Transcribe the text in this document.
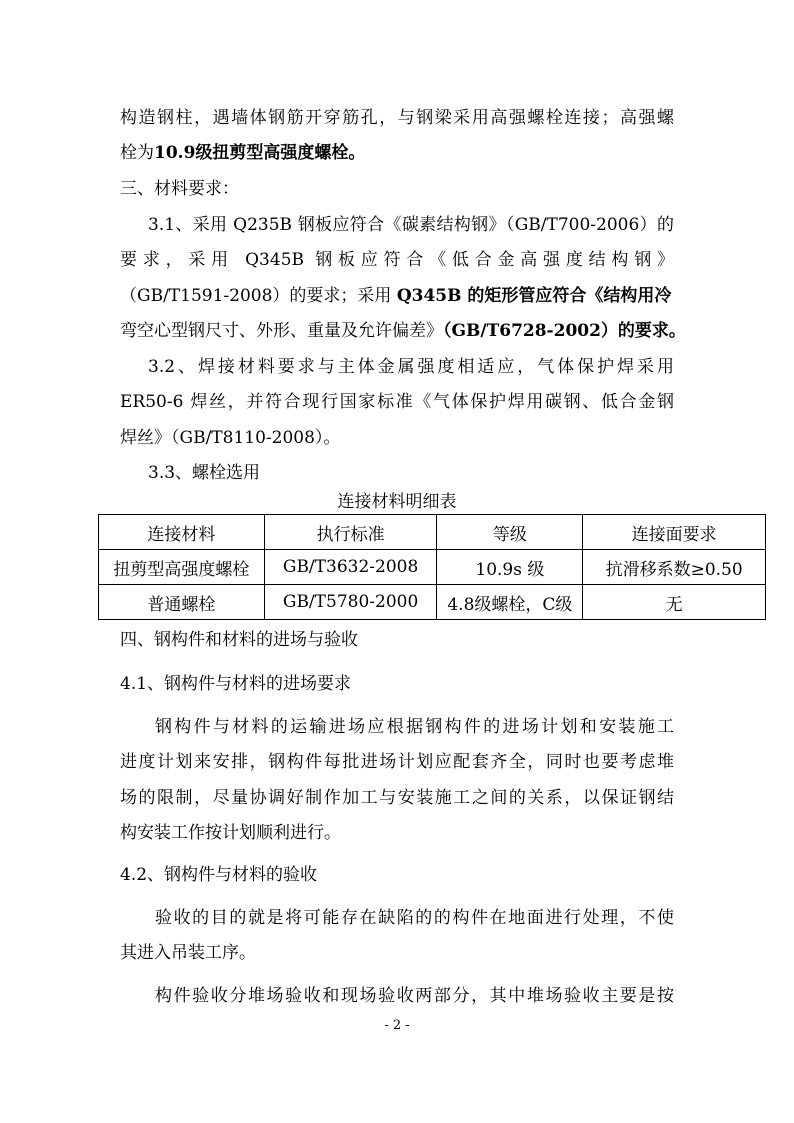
构造钢柱，遇墙体钢筋开穿筋孔，与钢梁采用高强螺栓连接；高强螺
栓为10.9级扭剪型高强度螺栓。
三、材料要求：
3.1、采用 Q235B 钢板应符合《碳素结构钢》（GB/T700-2006）的
要求，采用 Q345B 钢板应符合《低合金高强度结构钢》
（GB/T1591-2008）的要求；采用 Q345B 的矩形管应符合《结构用冷
弯空心型钢尺寸、外形、重量及允许偏差》（GB/T6728-2002）的要求。
3.2、焊接材料要求与主体金属强度相适应，气体保护焊采用
ER50-6 焊丝，并符合现行国家标准《气体保护焊用碳钢、低合金钢
焊丝》（GB/T8110-2008）。
3.3、螺栓选用
连接材料明细表
连接材料	执行标准	等级	连接面要求
扭剪型高强度螺栓	GB/T3632-2008	10.9s 级	抗滑移系数≥0.50
普通螺栓	GB/T5780-2000	4.8级螺栓，C级	无
四、钢构件和材料的进场与验收
4.1、钢构件与材料的进场要求
钢构件与材料的运输进场应根据钢构件的进场计划和安装施工
进度计划来安排，钢构件每批进场计划应配套齐全，同时也要考虑堆
场的限制，尽量协调好制作加工与安装施工之间的关系，以保证钢结
构安装工作按计划顺利进行。
4.2、钢构件与材料的验收
验收的目的就是将可能存在缺陷的的构件在地面进行处理，不使
其进入吊装工序。
构件验收分堆场验收和现场验收两部分，其中堆场验收主要是按
- 2 -
